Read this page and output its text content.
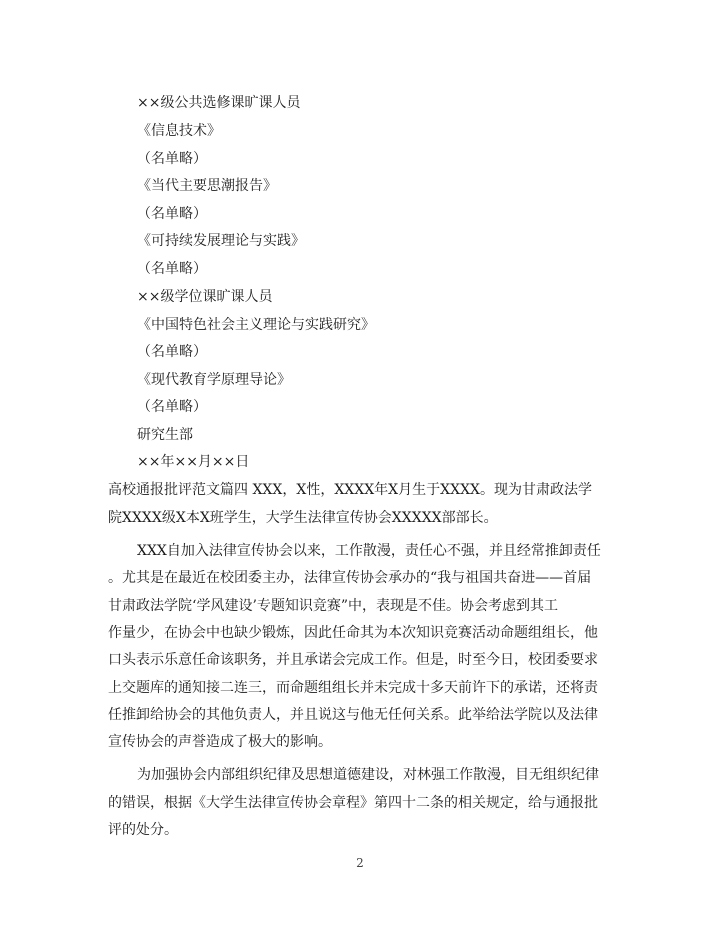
××级公共选修课旷课人员
《信息技术》
（名单略）
《当代主要思潮报告》
（名单略）
《可持续发展理论与实践》
（名单略）
××级学位课旷课人员
《中国特色社会主义理论与实践研究》
（名单略）
《现代教育学原理导论》
（名单略）
研究生部
××年××月××日
高校通报批评范文篇四 XXX，X性，XXXX年X月生于XXXX。现为甘肃政法学
院XXXX级X本X班学生，大学生法律宣传协会XXXXX部部长。
XXX自加入法律宣传协会以来，工作散漫，责任心不强，并且经常推卸责任
。尤其是在最近在校团委主办，法律宣传协会承办的“我与祖国共奋进——首届
甘肃政法学院‘学风建设’专题知识竞赛”中，表现是不佳。协会考虑到其工
作量少，在协会中也缺少锻炼，因此任命其为本次知识竞赛活动命题组组长，他
口头表示乐意任命该职务，并且承诺会完成工作。但是，时至今日，校团委要求
上交题库的通知接二连三，而命题组组长并未完成十多天前许下的承诺，还将责
任推卸给协会的其他负责人，并且说这与他无任何关系。此举给法学院以及法律
宣传协会的声誉造成了极大的影响。
为加强协会内部组织纪律及思想道德建设，对林强工作散漫，目无组织纪律
的错误，根据《大学生法律宣传协会章程》第四十二条的相关规定，给与通报批
评的处分。
2
